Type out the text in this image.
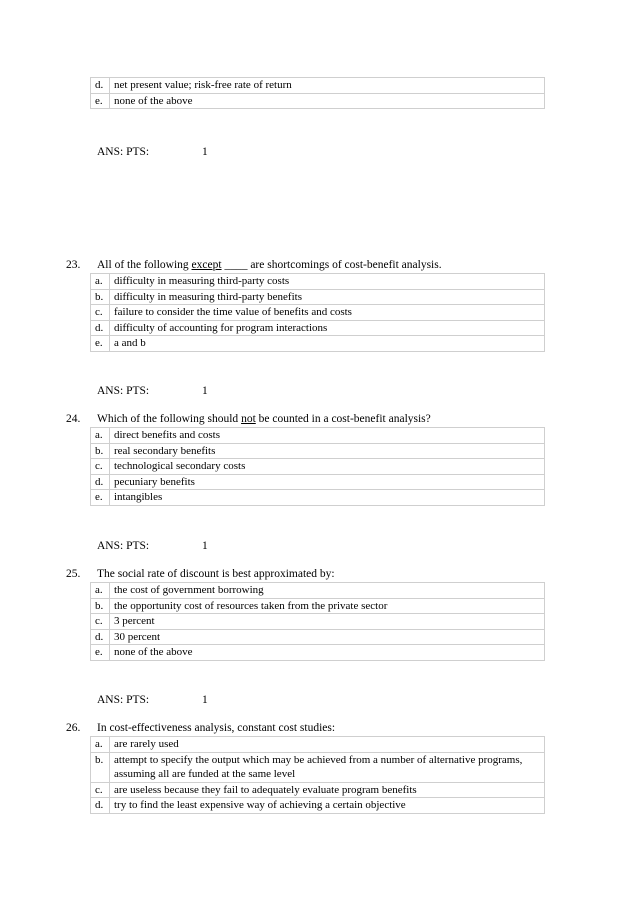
d.	net present value; risk-free rate of return
e.	none of the above
ANS: PTS:	1
23. All of the following except ____ are shortcomings of cost-benefit analysis.
a.	difficulty in measuring third-party costs
b.	difficulty in measuring third-party benefits
c.	failure to consider the time value of benefits and costs
d.	difficulty of accounting for program interactions
e.	a and b
ANS: PTS:	1
24. Which of the following should not be counted in a cost-benefit analysis?
a.	direct benefits and costs
b.	real secondary benefits
c.	technological secondary costs
d.	pecuniary benefits
e.	intangibles
ANS: PTS:	1
25. The social rate of discount is best approximated by:
a.	the cost of government borrowing
b.	the opportunity cost of resources taken from the private sector
c.	3 percent
d.	30 percent
e.	none of the above
ANS: PTS:	1
26. In cost-effectiveness analysis, constant cost studies:
a.	are rarely used
b.	attempt to specify the output which may be achieved from a number of alternative programs, assuming all are funded at the same level
c.	are useless because they fail to adequately evaluate program benefits
d.	try to find the least expensive way of achieving a certain objective
